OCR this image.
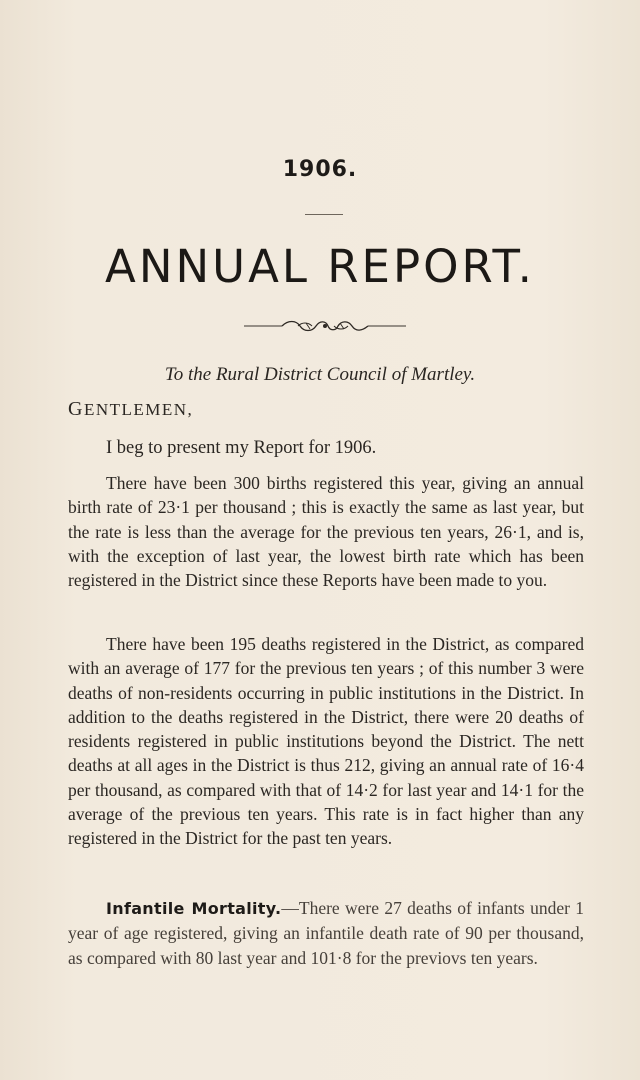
1906.
ANNUAL REPORT.
To the Rural District Council of Martley.
GENTLEMEN,
I beg to present my Report for 1906.

There have been 300 births registered this year, giving an annual birth rate of 23·1 per thousand ; this is exactly the same as last year, but the rate is less than the average for the previous ten years, 26·1, and is, with the exception of last year, the lowest birth rate which has been registered in the District since these Reports have been made to you.

There have been 195 deaths registered in the District, as compared with an average of 177 for the previous ten years ; of this number 3 were deaths of non-residents occurring in public institutions in the District. In addition to the deaths registered in the District, there were 20 deaths of residents registered in public institutions beyond the District. The nett deaths at all ages in the District is thus 212, giving an annual rate of 16·4 per thousand, as compared with that of 14·2 for last year and 14·1 for the average of the previous ten years. This rate is in fact higher than any registered in the District for the past ten years.

Infantile Mortality.—There were 27 deaths of infants under 1 year of age registered, giving an infantile death rate of 90 per thousand, as compared with 80 last year and 101·8 for the previovs ten years.
